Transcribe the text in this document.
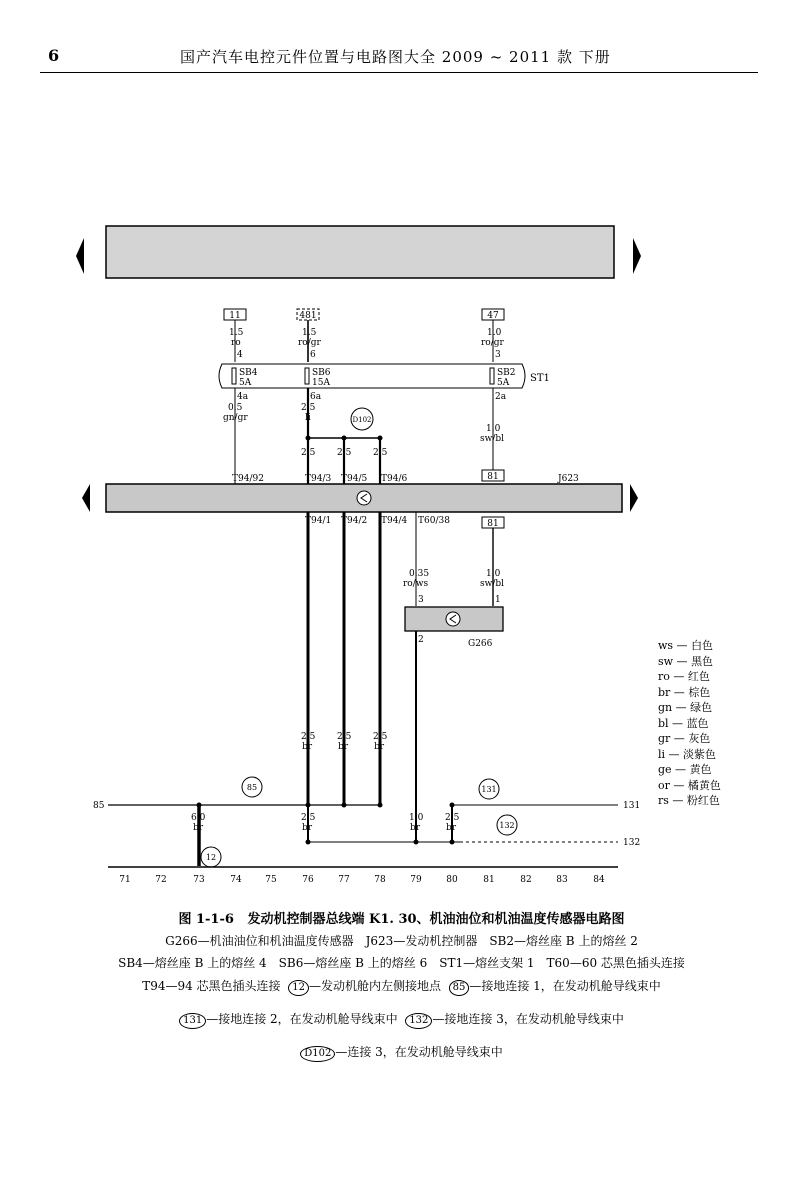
6	国产汽车电控元件位置与电路图大全 2009 ~ 2011 款 下册
11	481	47
1.5
ro
4
1.5
ro/gr
6
1.0
ro/gr
3
SB4
5A
SB6
15A
SB2
5A ST1
4a	6a	2a
0.5
gn/gr
2.5
li
1.0
sw/bl
D102
2.5 2.5 2.5
81
T94/92	T94/3 T94/5 T94/6	J623
T94/1 T94/2 T94/4 T60/38	81
0.35
ro/ws
3
1.0
sw/bl
1
2	G266
2.5
br
2.5
br
2.5
br
85	131
132
85	131
132
6.0
br
2.5
br
1.0
br
2.5
br
12
71	72	73	74	75	76	77	78	79	80	81	82	83	84
ws — 白色
sw — 黑色
ro — 红色
br — 棕色
gn — 绿色
bl — 蓝色
gr — 灰色
li — 淡紫色
ge — 黄色
or — 橘黄色
rs — 粉红色
图 1-1-6 发动机控制器总线端 K1. 30、机油油位和机油温度传感器电路图
G266—机油油位和机油温度传感器　J623—发动机控制器　SB2—熔丝座 B 上的熔丝 2
SB4—熔丝座 B 上的熔丝 4　SB6—熔丝座 B 上的熔丝 6　ST1—熔丝支架 1　T60—60 芯黑色插头连接
T94—94 芯黑色插头连接 12 —发动机舱内左侧接地点 85 —接地连接 1，在发动机舱导线束中
131 —接地连接 2，在发动机舱导线束中 132 —接地连接 3，在发动机舱导线束中
D102 —连接 3，在发动机舱导线束中
